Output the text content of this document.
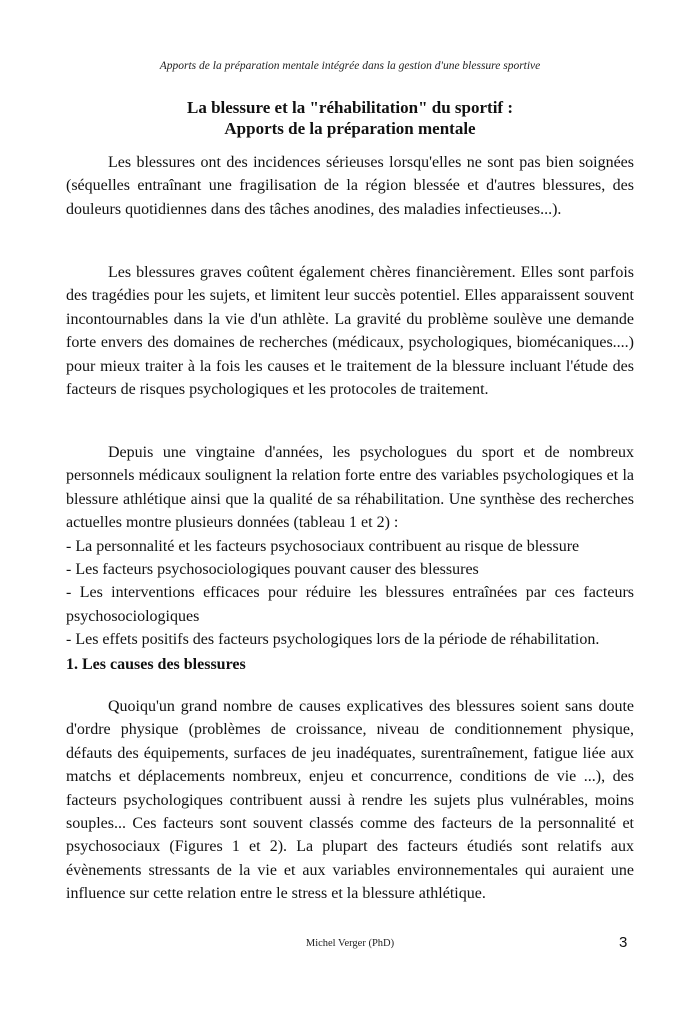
Apports de la préparation mentale intégrée dans la gestion d'une blessure sportive
La blessure et la "réhabilitation" du sportif :
Apports de la préparation mentale

Les blessures ont des incidences sérieuses lorsqu'elles ne sont pas bien soignées (séquelles entraînant une fragilisation de la région blessée et d'autres blessures, des douleurs quotidiennes dans des tâches anodines, des maladies infectieuses...).

Les blessures graves coûtent également chères financièrement. Elles sont parfois des tragédies pour les sujets, et limitent leur succès potentiel. Elles apparaissent souvent incontournables dans la vie d'un athlète. La gravité du problème soulève une demande forte envers des domaines de recherches (médicaux, psychologiques, biomécaniques....) pour mieux traiter à la fois les causes et le traitement de la blessure incluant l'étude des facteurs de risques psychologiques et les protocoles de traitement.

Depuis une vingtaine d'années, les psychologues du sport et de nombreux personnels médicaux soulignent la relation forte entre des variables psychologiques et la blessure athlétique ainsi que la qualité de sa réhabilitation. Une synthèse des recherches actuelles montre plusieurs données (tableau 1 et 2) :

- La personnalité et les facteurs psychosociaux contribuent au risque de blessure

- Les facteurs psychosociologiques pouvant causer des blessures

- Les interventions efficaces pour réduire les blessures entraînées par ces facteurs psychosociologiques

- Les effets positifs des facteurs psychologiques lors de la période de réhabilitation.

1. Les causes des blessures

Quoiqu'un grand nombre de causes explicatives des blessures soient sans doute d'ordre physique (problèmes de croissance, niveau de conditionnement physique, défauts des équipements, surfaces de jeu inadéquates, surentraînement, fatigue liée aux matchs et déplacements nombreux, enjeu et concurrence, conditions de vie ...), des facteurs psychologiques contribuent aussi à rendre les sujets plus vulnérables, moins souples... Ces facteurs sont souvent classés comme des facteurs de la personnalité et psychosociaux (Figures 1 et 2). La plupart des facteurs étudiés sont relatifs aux évènements stressants de la vie et aux variables environnementales qui auraient une influence sur cette relation entre le stress et la blessure athlétique.

Michel Verger (PhD)	3
